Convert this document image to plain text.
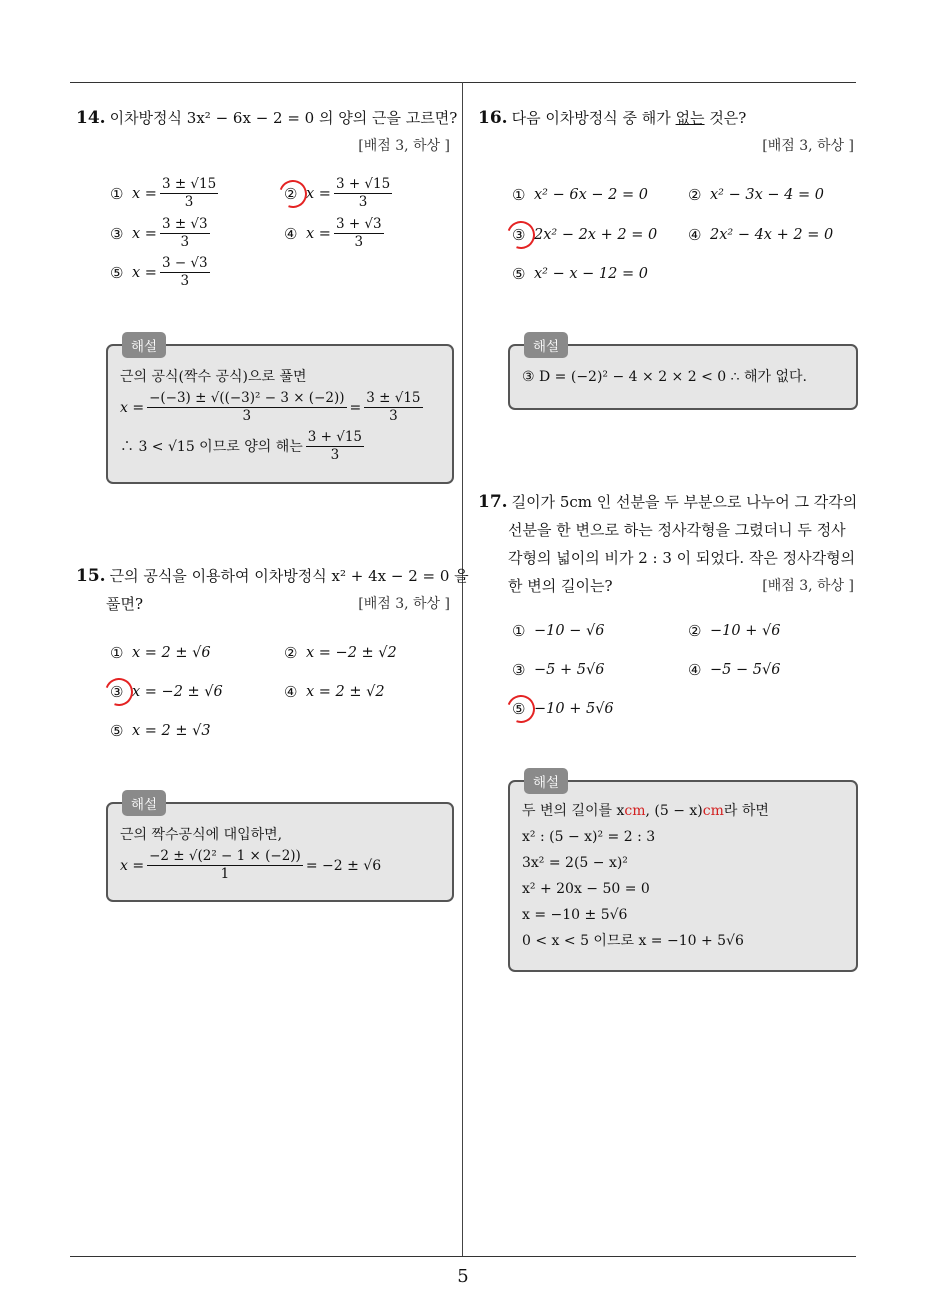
5
14. 이차방정식 3x² − 6x − 2 = 0 의 양의 근을 고르면?
[배점 3, 하상 ]
① $x = \frac{3 \pm √15}{3}$	② $x = \frac{3 + √15}{3}$
③ $x = \frac{3 \pm √3}{3}$	④ $x = \frac{3 + √3}{3}$
⑤ $x = \frac{3 - √3}{3}$
해설
근의 공식(짝수 공식)으로 풀면
$x = \frac{\text{−(−3) ± √((−3)² − 3 × (−2))}}{3} = \frac{3 \pm √15}{3}$
∴ 3 < √15 이므로 양의 해는 $\frac{3 + √15}{3}$
15. 근의 공식을 이용하여 이차방정식 x² + 4x − 2 = 0 을
풀면?	[배점 3, 하상 ]
① x = 2 ± √6	② x = −2 ± √2
③ x = −2 ± √6	④ x = 2 ± √2
⑤ x = 2 ± √3
해설
근의 짝수공식에 대입하면,
$x = \frac{\text{−2 ± √(2² − 1 × (−2))}}{1} = -2 \pm √6$
16. 다음 이차방정식 중 해가 없는 것은?
[배점 3, 하상 ]
① x² − 6x − 2 = 0	② x² − 3x − 4 = 0
③ 2x² − 2x + 2 = 0 ④ 2x² − 4x + 2 = 0
⑤ x² − x − 12 = 0
해설
③ D = (−2)² − 4 × 2 × 2 < 0 ∴ 해가 없다.
17. 길이가 5cm 인 선분을 두 부분으로 나누어 그 각각의
선분을 한 변으로 하는 정사각형을 그렸더니 두 정사
각형의 넓이의 비가 2 : 3 이 되었다. 작은 정사각형의
한 변의 길이는?	[배점 3, 하상 ]
① −10 − √6	② −10 + √6
③ −5 + 5√6	④ −5 − 5√6
⑤ −10 + 5√6
해설
두 변의 길이를 x cm , (5 − x) cm 라 하면
x² : (5 − x)² = 2 : 3
3x² = 2(5 − x)²
x² + 20x − 50 = 0
x = −10 ± 5√6
0 < x < 5 이므로 x = −10 + 5√6
